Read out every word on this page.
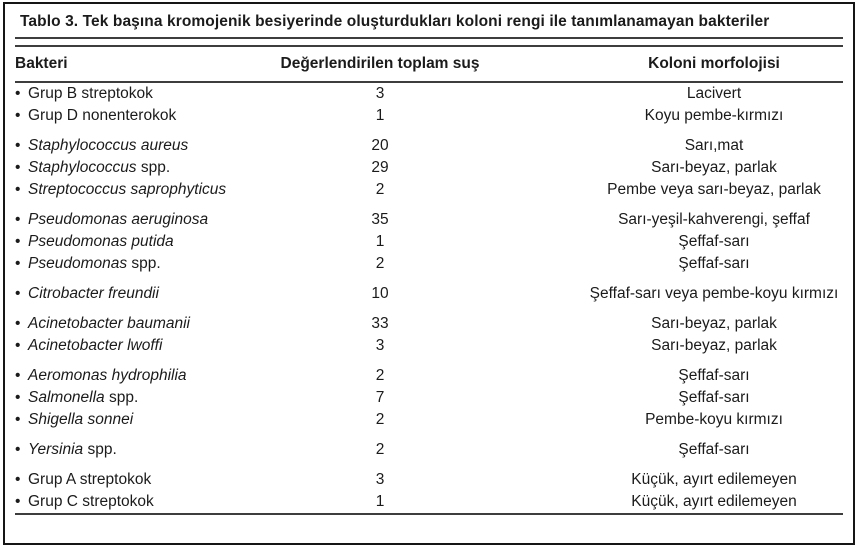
Tablo 3. Tek başına kromojenik besiyerinde oluşturdukları koloni rengi ile tanımlanamayan bakteriler
Bakteri	Değerlendirilen toplam suş	Koloni morfolojisi
• Grup B streptokok	3	Lacivert
• Grup D nonenterokok	1	Koyu pembe-kırmızı
• Staphylococcus aureus	20	Sarı,mat
• Staphylococcus spp.	29	Sarı-beyaz, parlak
• Streptococcus saprophyticus	2	Pembe veya sarı-beyaz, parlak
• Pseudomonas aeruginosa	35	Sarı-yeşil-kahverengi, şeffaf
• Pseudomonas putida	1	Şeffaf-sarı
• Pseudomonas spp.	2	Şeffaf-sarı
• Citrobacter freundii	10	Şeffaf-sarı veya pembe-koyu kırmızı
• Acinetobacter baumanii	33	Sarı-beyaz, parlak
• Acinetobacter lwoffi	3	Sarı-beyaz, parlak
• Aeromonas hydrophilia	2	Şeffaf-sarı
• Salmonella spp.	7	Şeffaf-sarı
• Shigella sonnei	2	Pembe-koyu kırmızı
• Yersinia spp.	2	Şeffaf-sarı
• Grup A streptokok	3	Küçük, ayırt edilemeyen
• Grup C streptokok	1	Küçük, ayırt edilemeyen
